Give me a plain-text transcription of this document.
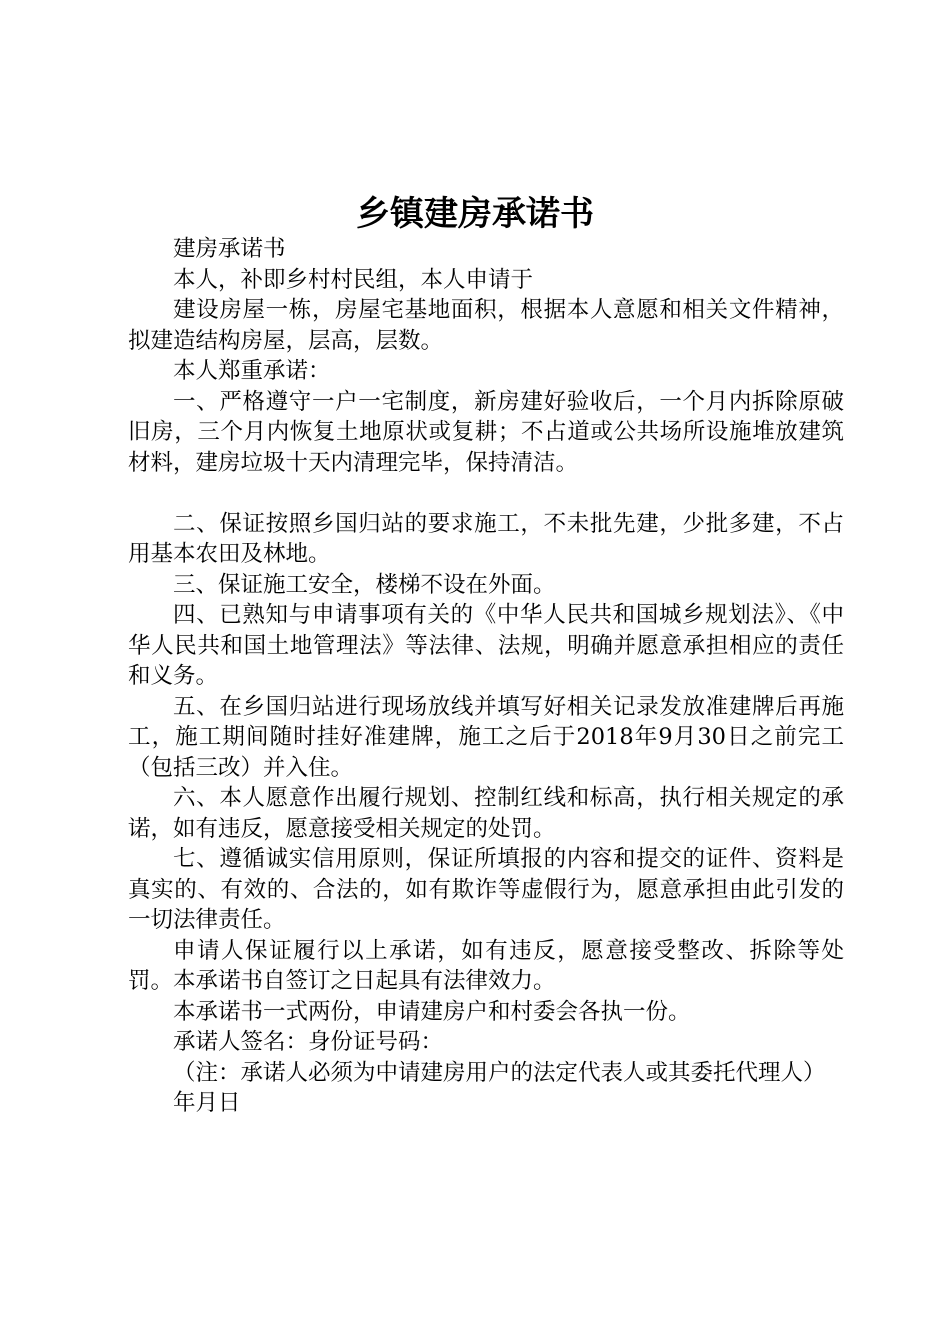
乡镇建房承诺书

建房承诺书

本人，补即乡村村民组，本人申请于

建设房屋一栋，房屋宅基地面积，根据本人意愿和相关文件精神，拟建造结构房屋，层高，层数。

本人郑重承诺：

一、严格遵守一户一宅制度，新房建好验收后，一个月内拆除原破旧房，三个月内恢复土地原状或复耕；不占道或公共场所设施堆放建筑材料，建房垃圾十天内清理完毕，保持清洁。

二、保证按照乡国归站的要求施工，不未批先建，少批多建，不占用基本农田及林地。

三、保证施工安全，楼梯不设在外面。

四、已熟知与申请事项有关的《中华人民共和国城乡规划法》、《中华人民共和国土地管理法》等法律、法规，明确并愿意承担相应的责任和义务。

五、在乡国归站进行现场放线并填写好相关记录发放准建牌后再施工，施工期间随时挂好准建牌，施工之后于2018年9月30日之前完工（包括三改）并入住。

六、本人愿意作出履行规划、控制红线和标高，执行相关规定的承诺，如有违反，愿意接受相关规定的处罚。

七、遵循诚实信用原则，保证所填报的内容和提交的证件、资料是真实的、有效的、合法的，如有欺诈等虚假行为，愿意承担由此引发的一切法律责任。

申请人保证履行以上承诺，如有违反，愿意接受整改、拆除等处罚。本承诺书自签订之日起具有法律效力。

本承诺书一式两份，申请建房户和村委会各执一份。

承诺人签名：身份证号码：

（注：承诺人必须为中请建房用户的法定代表人或其委托代理人）

年月日
